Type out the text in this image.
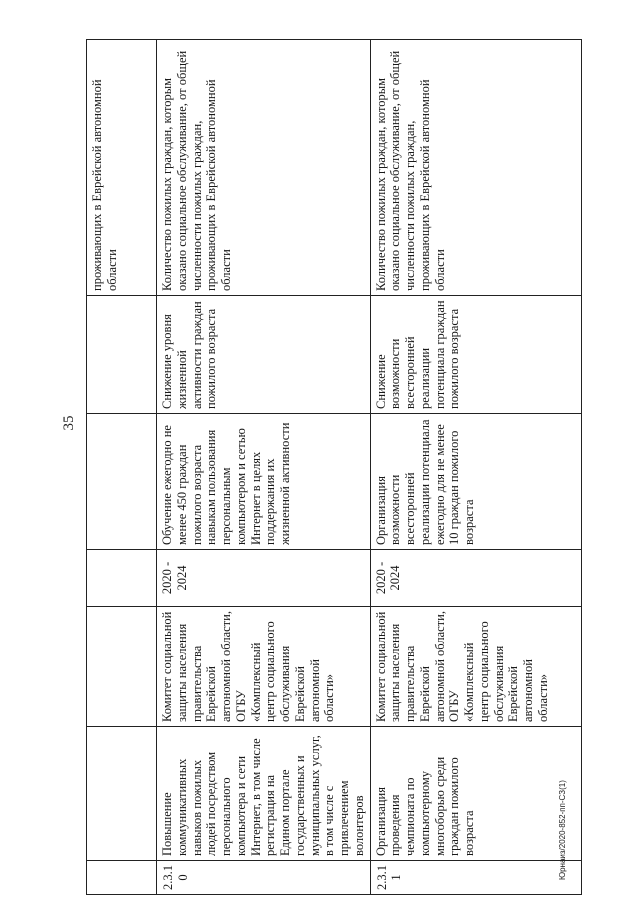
35
						проживающих в Еврейской автономной области
2.3.10	Повышение коммуникативных навыков пожилых людей посредством персонального компьютера и сети Интернет, в том числе регистрация на Едином портале государственных и муниципальных услуг, в том числе с привлечением волонтеров	Комитет социальной защиты населения правительства Еврейской автономной области, ОГБУ «Комплексный центр социального обслуживания Еврейской автономной области»	2020 - 2024	Обучение ежегодно не менее 450 граждан пожилого возраста навыкам пользования персональным компьютером и сетью Интернет в целях поддержания их жизненной активности	Снижение уровня жизненной активности граждан пожилого возраста	Количество пожилых граждан, которым оказано социальное обслуживание, от общей численности пожилых граждан, проживающих в Еврейской автономной области
2.3.11	Организация проведения чемпионата по компьютерному многоборью среди граждан пожилого возраста	Комитет социальной защиты населения правительства Еврейской автономной области, ОГБУ «Комплексный центр социального обслуживания Еврейской автономной области»	2020 - 2024	Организация возможности всесторонней реализации потенциала ежегодно для не менее 10 граждан пожилого возраста	Снижение возможности всесторонней реализации потенциала граждан пожилого возраста	Количество пожилых граждан, которым оказано социальное обслуживание, от общей численности пожилых граждан, проживающих в Еврейской автономной области
Юрнаиз/2020-852-пп-СЗ(1)
